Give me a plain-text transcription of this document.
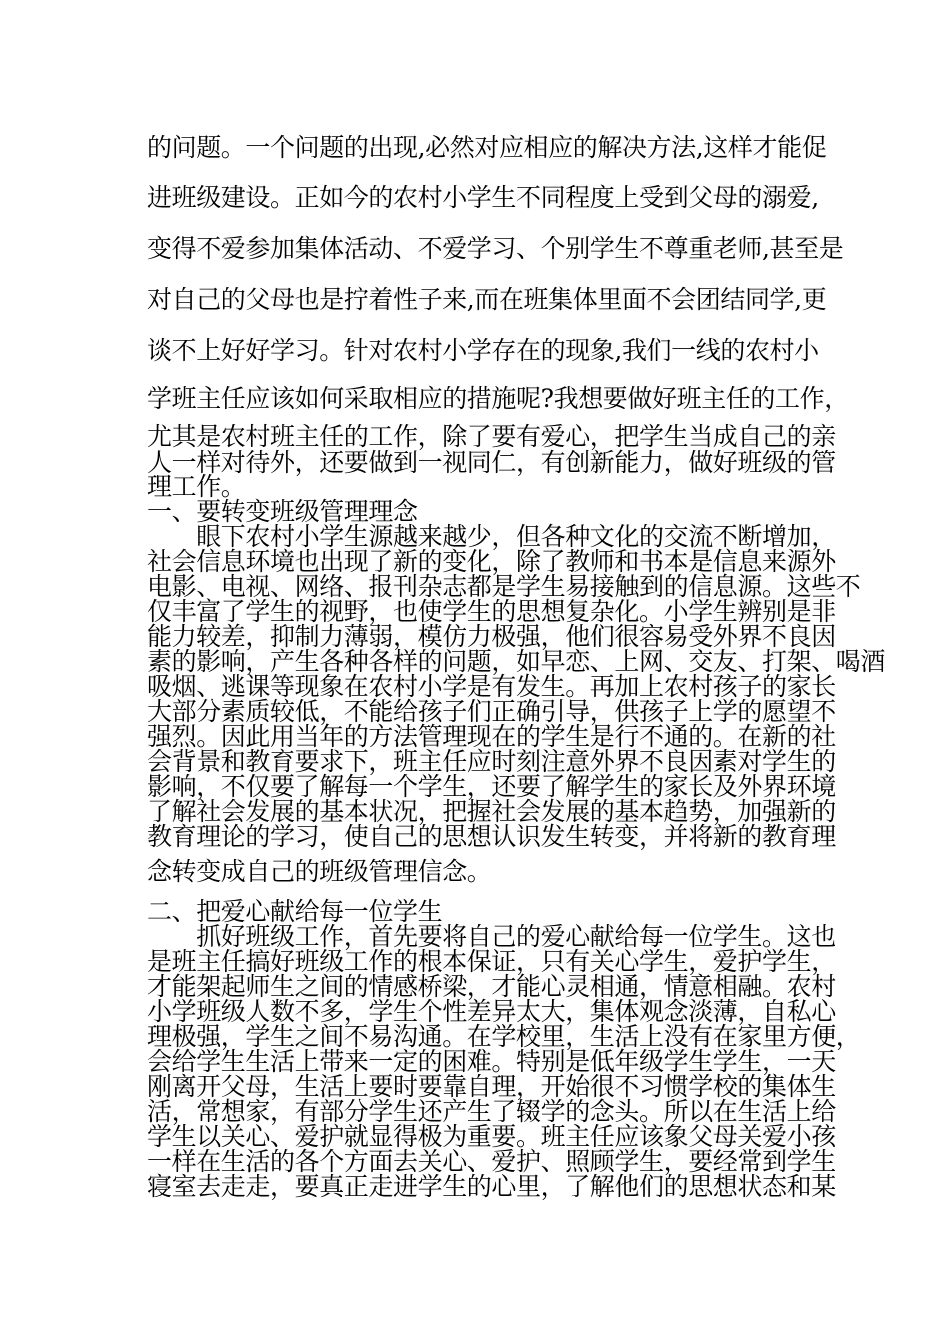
的问题。一个问题的出现,必然对应相应的解决方法,这样才能促

进班级建设。正如今的农村小学生不同程度上受到父母的溺爱,

变得不爱参加集体活动、不爱学习、个别学生不尊重老师,甚至是

对自己的父母也是拧着性子来,而在班集体里面不会团结同学,更

谈不上好好学习。针对农村小学存在的现象,我们一线的农村小

学班主任应该如何采取相应的措施呢?我想要做好班主任的工作，

尤其是农村班主任的工作，除了要有爱心，把学生当成自己的亲

人一样对待外，还要做到一视同仁，有创新能力，做好班级的管

理工作。

一、要转变班级管理理念

　　眼下农村小学生源越来越少，但各种文化的交流不断增加，

社会信息环境也出现了新的变化，除了教师和书本是信息来源外

电影、电视、网络、报刊杂志都是学生易接触到的信息源。这些不

仅丰富了学生的视野，也使学生的思想复杂化。小学生辨别是非

能力较差，抑制力薄弱，模仿力极强，他们很容易受外界不良因

素的影响，产生各种各样的问题，如早恋、上网、交友、打架、喝酒

吸烟、逃课等现象在农村小学是有发生。再加上农村孩子的家长

大部分素质较低，不能给孩子们正确引导，供孩子上学的愿望不

强烈。因此用当年的方法管理现在的学生是行不通的。在新的社

会背景和教育要求下，班主任应时刻注意外界不良因素对学生的

影响，不仅要了解每一个学生，还要了解学生的家长及外界环境

了解社会发展的基本状况，把握社会发展的基本趋势，加强新的

教育理论的学习，使自己的思想认识发生转变，并将新的教育理

念转变成自己的班级管理信念。

二、把爱心献给每一位学生

　　抓好班级工作，首先要将自己的爱心献给每一位学生。这也

是班主任搞好班级工作的根本保证，只有关心学生，爱护学生，

才能架起师生之间的情感桥梁，才能心灵相通，情意相融。农村

小学班级人数不多，学生个性差异太大，集体观念淡薄，自私心

理极强，学生之间不易沟通。在学校里，生活上没有在家里方便，

会给学生生活上带来一定的困难。特别是低年级学生学生，一天

刚离开父母，生活上要时要靠自理，开始很不习惯学校的集体生

活，常想家，有部分学生还产生了辍学的念头。所以在生活上给

学生以关心、爱护就显得极为重要。班主任应该象父母关爱小孩

一样在生活的各个方面去关心、爱护、照顾学生，要经常到学生

寝室去走走，要真正走进学生的心里，了解他们的思想状态和某
